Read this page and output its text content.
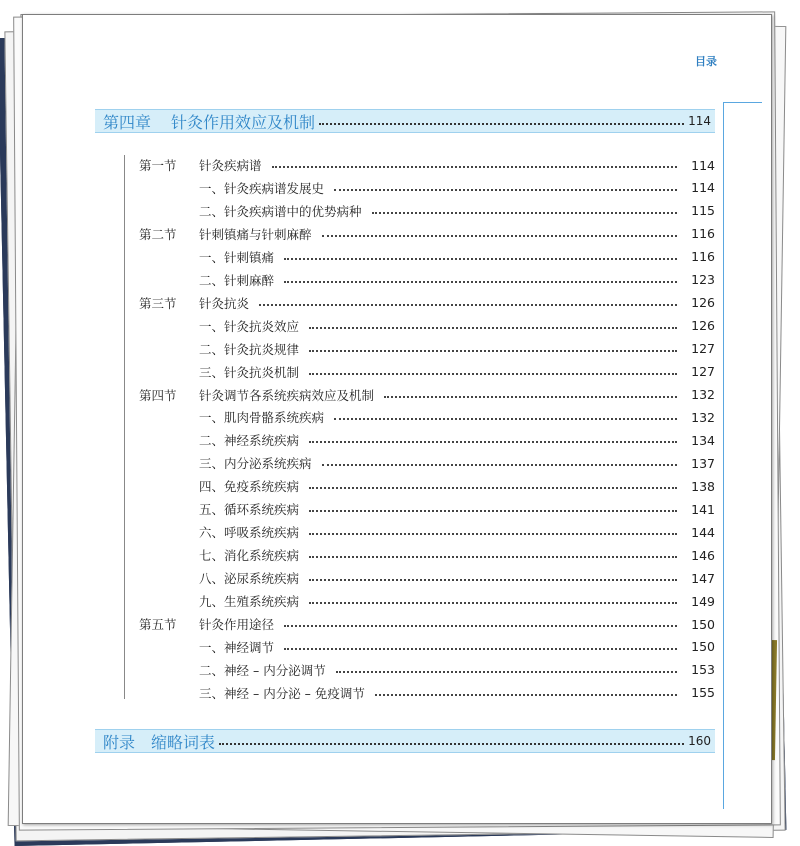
目录
第四章 针灸作用效应及机制	114
第一节	针灸疾病谱	114
一、针灸疾病谱发展史	114
二、针灸疾病谱中的优势病种	115
第二节	针刺镇痛与针刺麻醉	116
一、针刺镇痛	116
二、针刺麻醉	123
第三节	针灸抗炎	126
一、针灸抗炎效应	126
二、针灸抗炎规律	127
三、针灸抗炎机制	127
第四节	针灸调节各系统疾病效应及机制	132
一、肌肉骨骼系统疾病	132
二、神经系统疾病	134
三、内分泌系统疾病	137
四、免疫系统疾病	138
五、循环系统疾病	141
六、呼吸系统疾病	144
七、消化系统疾病	146
八、泌尿系统疾病	147
九、生殖系统疾病	149
第五节	针灸作用途径	150
一、神经调节	150
二、神经 – 内分泌调节	153
三、神经 – 内分泌 – 免疫调节	155
附录 缩略词表	160
